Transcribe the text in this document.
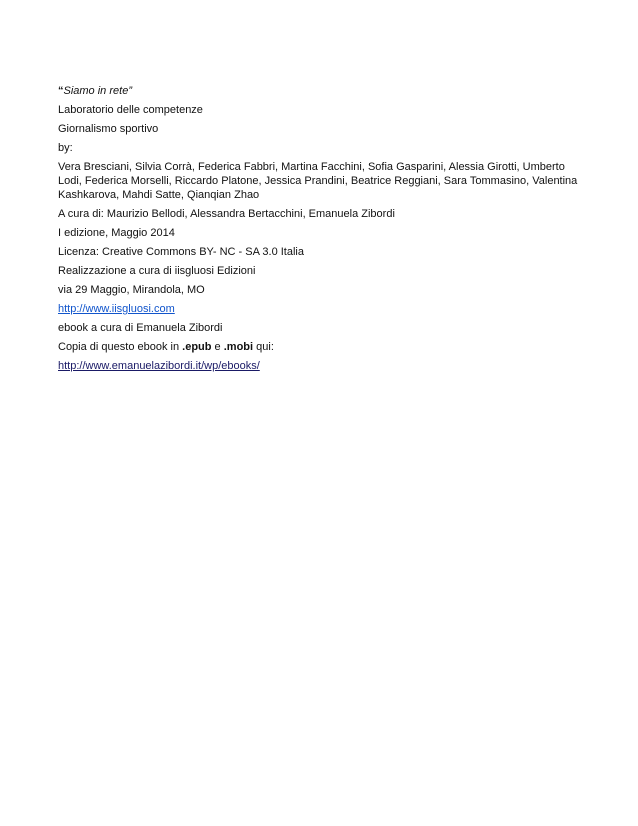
“Siamo in rete”

Laboratorio delle competenze

Giornalismo sportivo

by:

Vera Bresciani, Silvia Corrà, Federica Fabbri, Martina Facchini, Sofia Gasparini, Alessia Girotti, Umberto Lodi, Federica Morselli, Riccardo Platone, Jessica Prandini, Beatrice Reggiani, Sara Tommasino, Valentina Kashkarova, Mahdi Satte, Qianqian Zhao

A cura di: Maurizio Bellodi, Alessandra Bertacchini, Emanuela Zibordi

I edizione, Maggio 2014

Licenza: Creative Commons BY- NC - SA 3.0 Italia

Realizzazione a cura di iisgluosi Edizioni

via 29 Maggio, Mirandola, MO

http://www.iisgluosi.com

ebook a cura di Emanuela Zibordi

Copia di questo ebook in .epub e .mobi qui:

http://www.emanuelazibordi.it/wp/ebooks/
